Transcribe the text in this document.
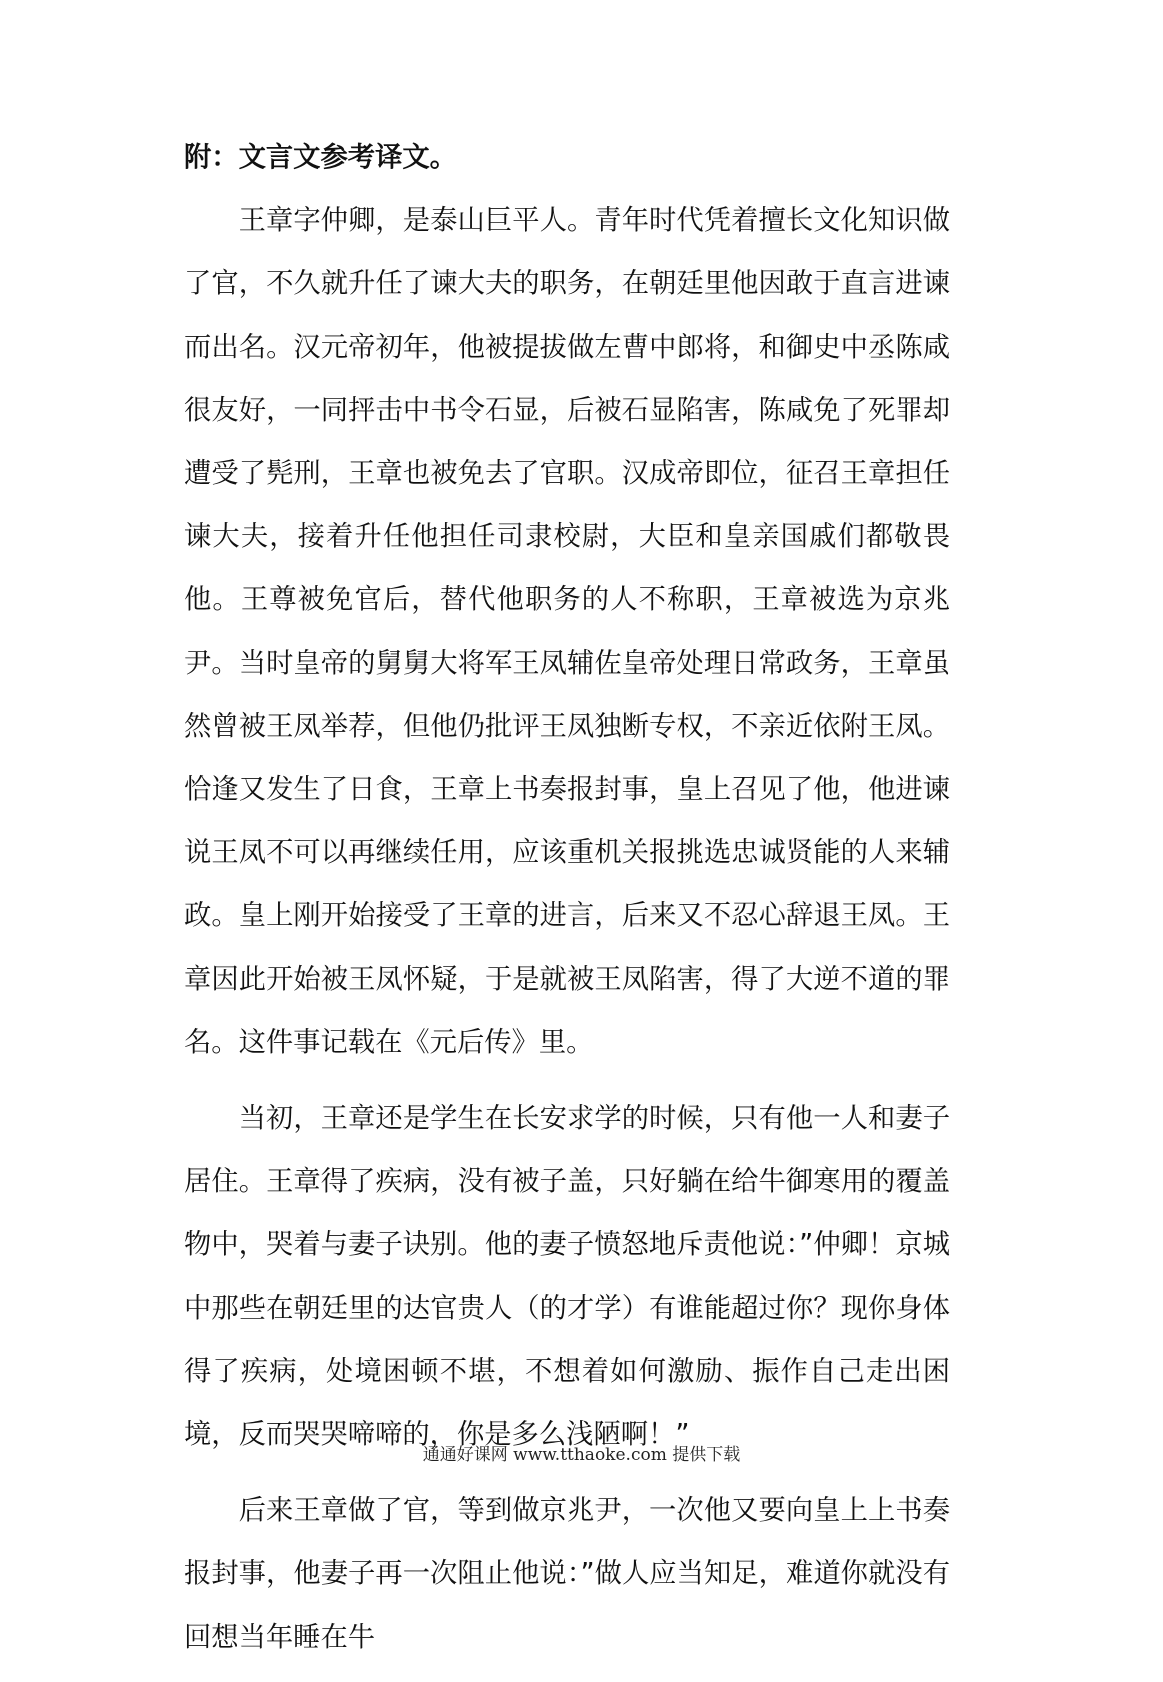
附：文言文参考译文。

王章字仲卿，是泰山巨平人。青年时代凭着擅长文化知识做了官，不久就升任了谏大夫的职务，在朝廷里他因敢于直言进谏而出名。汉元帝初年，他被提拔做左曹中郎将，和御史中丞陈咸很友好，一同抨击中书令石显，后被石显陷害，陈咸免了死罪却遭受了髡刑，王章也被免去了官职。汉成帝即位，征召王章担任谏大夫，接着升任他担任司隶校尉，大臣和皇亲国戚们都敬畏他。王尊被免官后，替代他职务的人不称职，王章被选为京兆尹。当时皇帝的舅舅大将军王凤辅佐皇帝处理日常政务，王章虽然曾被王凤举荐，但他仍批评王凤独断专权，不亲近依附王凤。恰逢又发生了日食，王章上书奏报封事，皇上召见了他，他进谏说王凤不可以再继续任用，应该重机关报挑选忠诚贤能的人来辅政。皇上刚开始接受了王章的进言，后来又不忍心辞退王凤。王章因此开始被王凤怀疑，于是就被王凤陷害，得了大逆不道的罪名。这件事记载在《元后传》里。

当初，王章还是学生在长安求学的时候，只有他一人和妻子居住。王章得了疾病，没有被子盖，只好躺在给牛御寒用的覆盖物中，哭着与妻子诀别。他的妻子愤怒地斥责他说：”仲卿！京城中那些在朝廷里的达官贵人（的才学）有谁能超过你？现你身体得了疾病，处境困顿不堪，不想着如何激励、振作自己走出困境，反而哭哭啼啼的，你是多么浅陋啊！”

后来王章做了官，等到做京兆尹，一次他又要向皇上上书奏报封事，他妻子再一次阻止他说：”做人应当知足，难道你就没有回想当年睡在牛

通通好课网 www.tthaoke.com 提供下载
